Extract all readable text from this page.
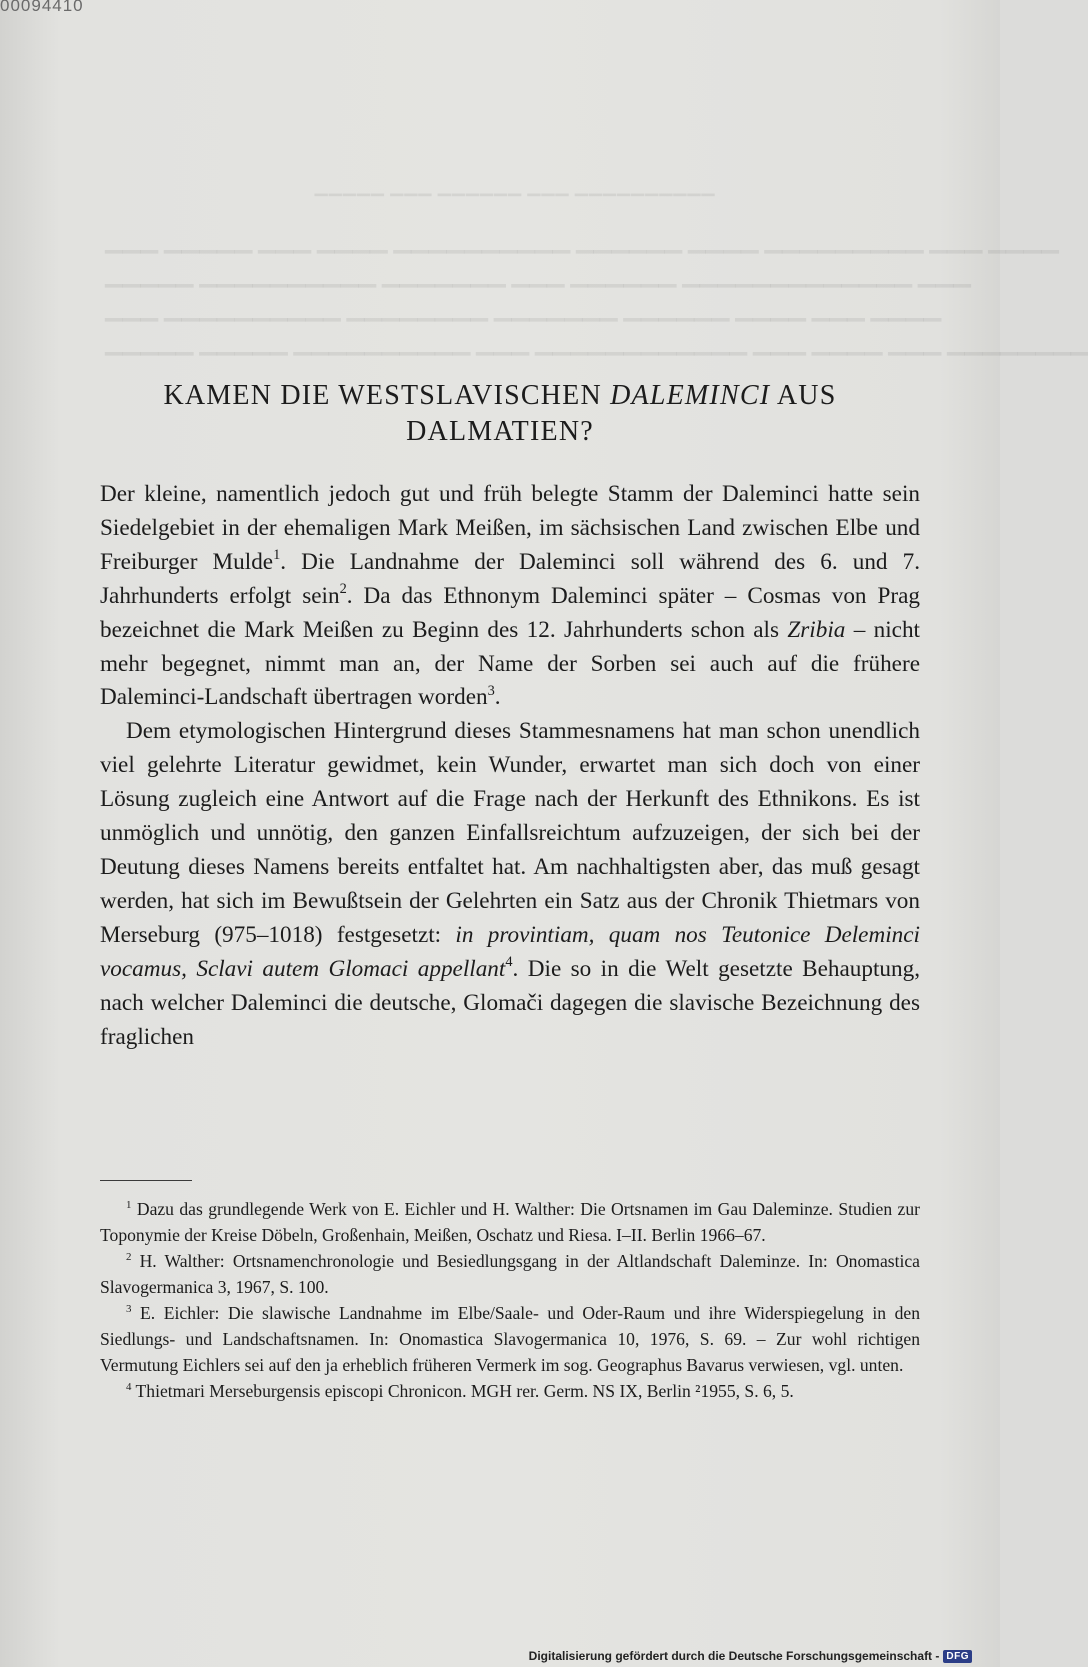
00094410
▁▁▁▁▁ ▁▁▁ ▁▁▁▁▁▁ ▁▁▁ ▁▁▁▁▁▁▁▁▁▁
▁▁▁ ▁▁▁▁▁ ▁▁▁ ▁▁▁▁ ▁▁▁▁▁▁▁▁▁▁ ▁▁▁▁▁▁ ▁▁▁▁ ▁▁▁▁▁▁▁▁▁ ▁▁▁ ▁▁▁▁
▁▁▁▁▁ ▁▁▁▁▁▁▁▁▁▁ ▁▁▁▁▁▁▁ ▁▁▁ ▁▁▁▁▁▁ ▁▁▁▁▁▁▁▁▁▁▁▁▁ ▁▁▁
▁▁▁ ▁▁▁▁▁▁▁▁▁▁ ▁▁▁▁▁▁▁▁ ▁▁▁▁▁▁▁ ▁▁▁▁▁▁ ▁▁▁▁ ▁▁▁ ▁▁▁▁
▁▁▁▁▁ ▁▁▁▁▁ ▁▁▁▁▁▁▁▁▁▁ ▁▁▁ ▁▁▁▁▁▁▁▁▁▁▁▁ ▁▁▁ ▁▁▁▁ ▁▁▁ ▁▁▁▁▁▁▁▁
KAMEN DIE WESTSLAVISCHEN DALEMINCI AUS
DALMATIEN?

Der kleine, namentlich jedoch gut und früh belegte Stamm der Daleminci hatte sein Siedelgebiet in der ehemaligen Mark Meißen, im sächsischen Land zwischen Elbe und Freiburger Mulde$^1$. Die Landnahme der Daleminci soll während des 6. und 7. Jahrhunderts erfolgt sein$^2$. Da das Ethnonym Daleminci später – Cosmas von Prag bezeichnet die Mark Meißen zu Beginn des 12. Jahrhunderts schon als Zribia – nicht mehr begegnet, nimmt man an, der Name der Sorben sei auch auf die frühere Daleminci-Landschaft übertragen worden$^3$.

Dem etymologischen Hintergrund dieses Stammesnamens hat man schon unendlich viel gelehrte Literatur gewidmet, kein Wunder, erwartet man sich doch von einer Lösung zugleich eine Antwort auf die Frage nach der Herkunft des Ethnikons. Es ist unmöglich und unnötig, den ganzen Einfallsreichtum aufzuzeigen, der sich bei der Deutung dieses Namens bereits entfaltet hat. Am nachhaltigsten aber, das muß gesagt werden, hat sich im Bewußtsein der Gelehrten ein Satz aus der Chronik Thietmars von Merseburg (975–1018) festgesetzt: in provintiam, quam nos Teutonice Deleminci vocamus, Sclavi autem Glomaci appellant$^4$. Die so in die Welt gesetzte Behauptung, nach welcher Daleminci die deutsche, Glomači dagegen die slavische Bezeichnung des fraglichen

$^1$ Dazu das grundlegende Werk von E. Eichler und H. Walther: Die Ortsnamen im Gau Daleminze. Studien zur Toponymie der Kreise Döbeln, Großenhain, Meißen, Oschatz und Riesa. I–II. Berlin 1966–67.

$^2$ H. Walther: Ortsnamenchronologie und Besiedlungsgang in der Altlandschaft Daleminze. In: Onomastica Slavogermanica 3, 1967, S. 100.

$^3$ E. Eichler: Die slawische Landnahme im Elbe/Saale- und Oder-Raum und ihre Widerspiegelung in den Siedlungs- und Landschaftsnamen. In: Onomastica Slavogermanica 10, 1976, S. 69. – Zur wohl richtigen Vermutung Eichlers sei auf den ja erheblich früheren Vermerk im sog. Geographus Bavarus verwiesen, vgl. unten.

$^4$ Thietmari Merseburgensis episcopi Chronicon. MGH rer. Germ. NS IX, Berlin ²1955, S. 6, 5.

Digitalisierung gefördert durch die Deutsche Forschungsgemeinschaft - DFG
